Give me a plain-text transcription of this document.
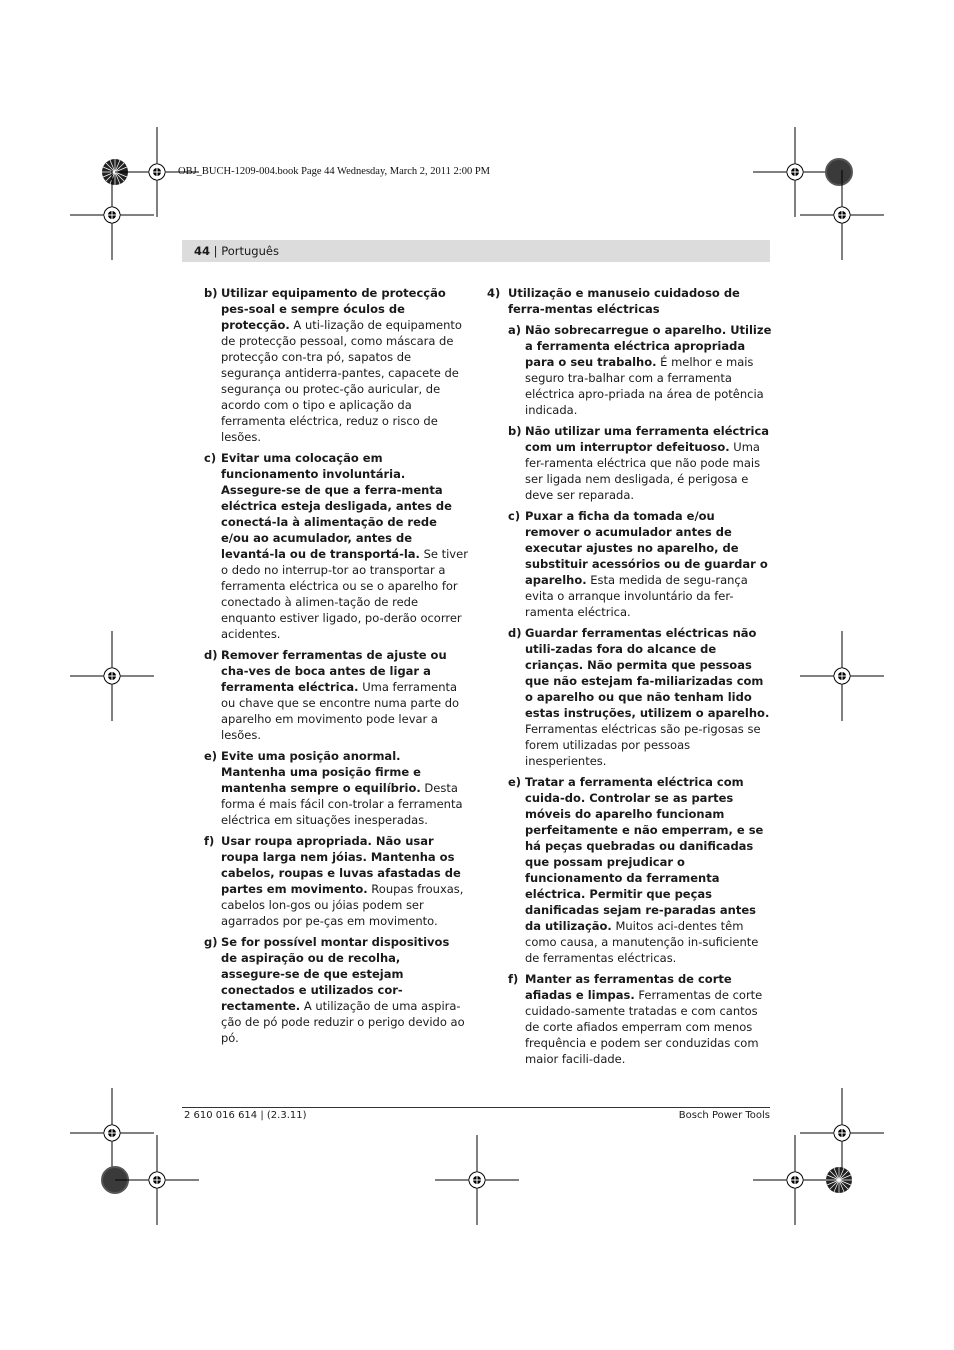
OBJ_BUCH-1209-004.book Page 44 Wednesday, March 2, 2011 2:00 PM
44 | Português
b) Utilizar equipamento de protecção pes-soal e sempre óculos de protecção. A uti-lização de equipamento de protecção pessoal, como máscara de protecção con-tra pó, sapatos de segurança antiderra-pantes, capacete de segurança ou protec-ção auricular, de acordo com o tipo e aplicação da ferramenta eléctrica, reduz o risco de lesões.

c) Evitar uma colocação em funcionamento involuntária. Assegure-se de que a ferra-menta eléctrica esteja desligada, antes de conectá-la à alimentação de rede e/ou ao acumulador, antes de levantá-la ou de transportá-la. Se tiver o dedo no interrup-tor ao transportar a ferramenta eléctrica ou se o aparelho for conectado à alimen-tação de rede enquanto estiver ligado, po-derão ocorrer acidentes.

d) Remover ferramentas de ajuste ou cha-ves de boca antes de ligar a ferramenta eléctrica. Uma ferramenta ou chave que se encontre numa parte do aparelho em movimento pode levar a lesões.

e) Evite uma posição anormal. Mantenha uma posição firme e mantenha sempre o equilíbrio. Desta forma é mais fácil con-trolar a ferramenta eléctrica em situações inesperadas.

f) Usar roupa apropriada. Não usar roupa larga nem jóias. Mantenha os cabelos, roupas e luvas afastadas de partes em movimento. Roupas frouxas, cabelos lon-gos ou jóias podem ser agarrados por pe-ças em movimento.

g) Se for possível montar dispositivos de aspiração ou de recolha, assegure-se de que estejam conectados e utilizados cor-rectamente. A utilização de uma aspira-ção de pó pode reduzir o perigo devido ao pó.

4) Utilização e manuseio cuidadoso de ferra-mentas eléctricas

a) Não sobrecarregue o aparelho. Utilize a ferramenta eléctrica apropriada para o seu trabalho. É melhor e mais seguro tra-balhar com a ferramenta eléctrica apro-priada na área de potência indicada.

b) Não utilizar uma ferramenta eléctrica com um interruptor defeituoso. Uma fer-ramenta eléctrica que não pode mais ser ligada nem desligada, é perigosa e deve ser reparada.

c) Puxar a ficha da tomada e/ou remover o acumulador antes de executar ajustes no aparelho, de substituir acessórios ou de guardar o aparelho. Esta medida de segu-rança evita o arranque involuntário da fer-ramenta eléctrica.

d) Guardar ferramentas eléctricas não utili-zadas fora do alcance de crianças. Não permita que pessoas que não estejam fa-miliarizadas com o aparelho ou que não tenham lido estas instruções, utilizem o aparelho. Ferramentas eléctricas são pe-rigosas se forem utilizadas por pessoas inesperientes.

e) Tratar a ferramenta eléctrica com cuida-do. Controlar se as partes móveis do aparelho funcionam perfeitamente e não emperram, e se há peças quebradas ou danificadas que possam prejudicar o funcionamento da ferramenta eléctrica. Permitir que peças danificadas sejam re-paradas antes da utilização. Muitos aci-dentes têm como causa, a manutenção in-suficiente de ferramentas eléctricas.

f) Manter as ferramentas de corte afiadas e limpas. Ferramentas de corte cuidado-samente tratadas e com cantos de corte afiados emperram com menos frequência e podem ser conduzidas com maior facili-dade.

2 610 016 614 | (2.3.11)	Bosch Power Tools
